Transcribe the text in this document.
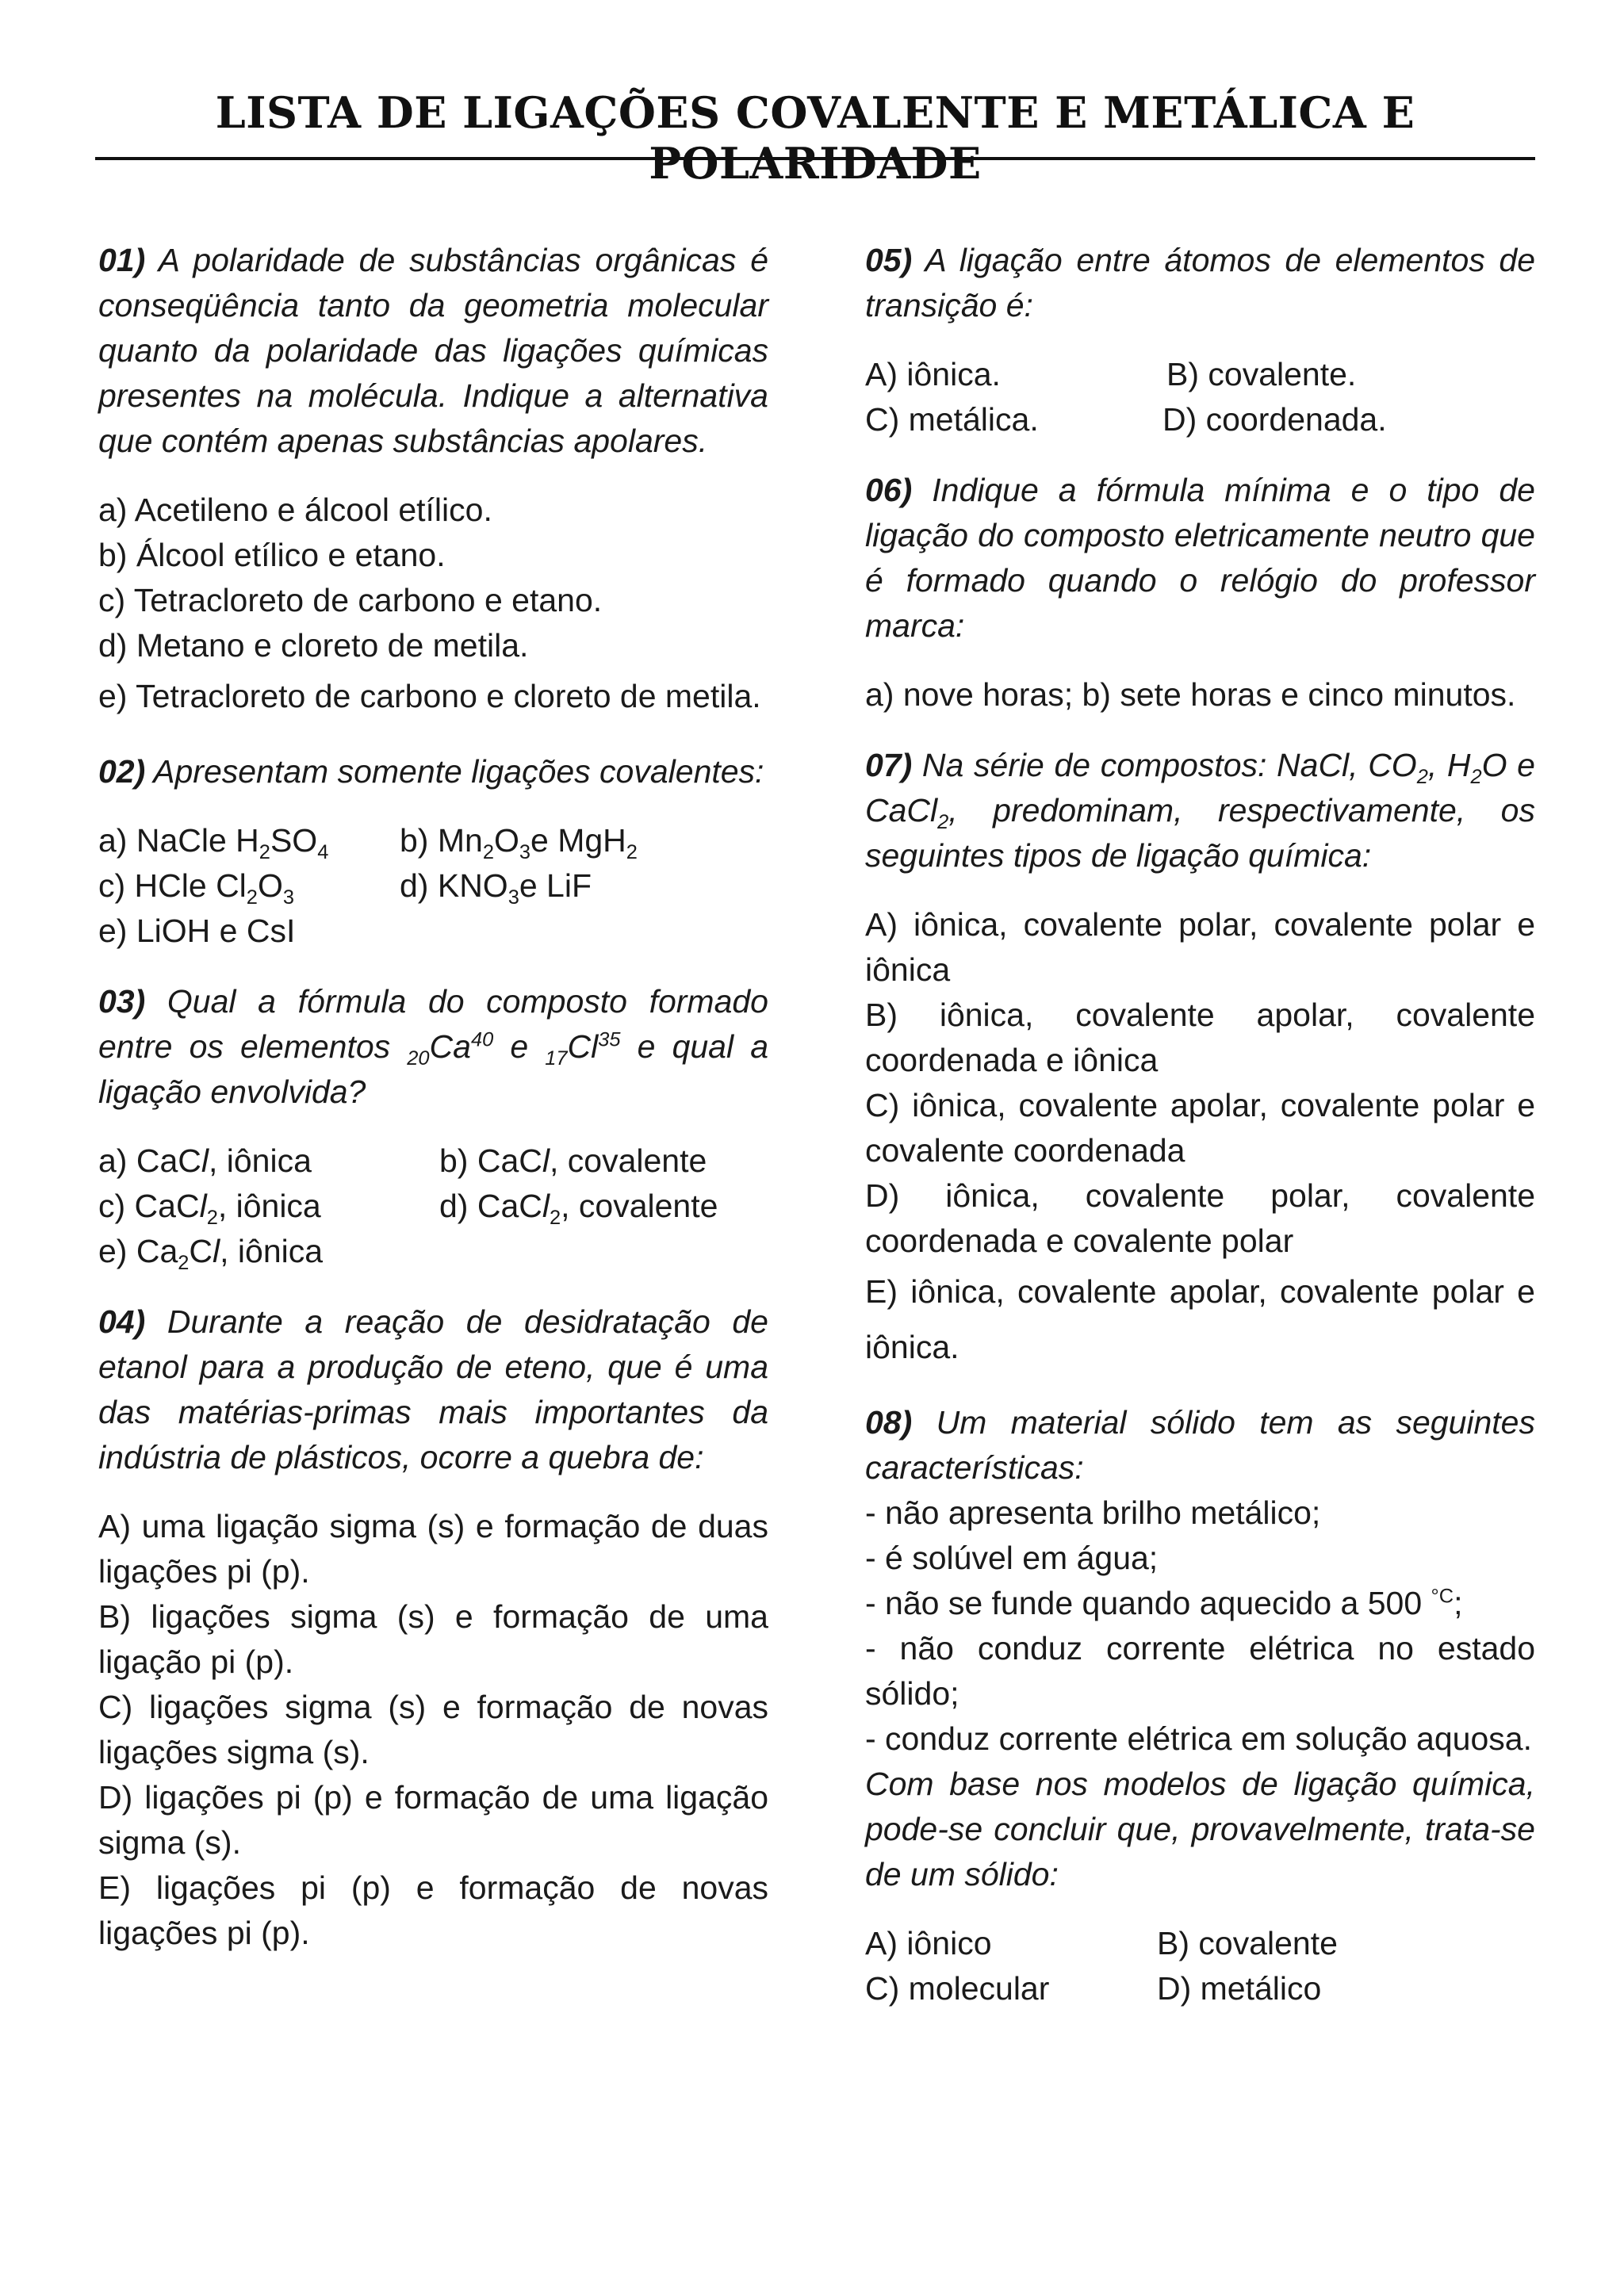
LISTA DE LIGAÇÕES COVALENTE E METÁLICA E POLARIDADE

01) A polaridade de substâncias orgânicas é conseqüência tanto da geometria molecular quanto da polaridade das ligações químicas presentes na molécula. Indique a alternativa que contém apenas substâncias apolares.

a) Acetileno e álcool etílico.
b) Álcool etílico e etano.
c) Tetracloreto de carbono e etano.
d) Metano e cloreto de metila.
e) Tetracloreto de carbono e cloreto de metila.

02) Apresentam somente ligações covalentes:

a) NaCle $H_2SO_4$	b) $Mn_2O_3e$ MgH$_2$
c) HCle $Cl_2O_3$	d) $KNO_3e$ LiF
e) LiOH e CsI

03) Qual a fórmula do composto formado entre os elementos $_{20}Ca^{40}$ e $_{17}Cl^{35}$ e qual a ligação envolvida?

a) CaCl, iônica	b) CaCl, covalente
c) CaCl$_2$, iônica	d) CaCl$_2$, covalente
e) $Ca_2Cl$, iônica

04) Durante a reação de desidratação de etanol para a produção de eteno, que é uma das matérias-primas mais importantes da indústria de plásticos, ocorre a quebra de:

A) uma ligação sigma (s) e formação de duas ligações pi (p).
B) ligações sigma (s) e formação de uma ligação pi (p).
C) ligações sigma (s) e formação de novas ligações sigma (s).
D) ligações pi (p) e formação de uma ligação sigma (s).
E) ligações pi (p) e formação de novas ligações pi (p).

05) A ligação entre átomos de elementos de transição é:

A) iônica.	B) covalente.
C) metálica.	D) coordenada.

06) Indique a fórmula mínima e o tipo de ligação do composto eletricamente neutro que é formado quando o relógio do professor marca:

a) nove horas; b) sete horas e cinco minutos.

07) Na série de compostos: NaCl, $CO_2$, $H_2O$ e CaCl$_2$, predominam, respectivamente, os seguintes tipos de ligação química:

A) iônica, covalente polar, covalente polar e iônica
B) iônica, covalente apolar, covalente coordenada e iônica
C) iônica, covalente apolar, covalente polar e covalente coordenada
D) iônica, covalente polar, covalente coordenada e covalente polar
E) iônica, covalente apolar, covalente polar e iônica.

08) Um material sólido tem as seguintes características:

- não apresenta brilho metálico;
- é solúvel em água;
- não se funde quando aquecido a 500 $^{^\circ C}$;
- não conduz corrente elétrica no estado sólido;
- conduz corrente elétrica em solução aquosa.

Com base nos modelos de ligação química, pode-se concluir que, provavelmente, trata-se de um sólido:

A) iônico	B) covalente
C) molecular	D) metálico
